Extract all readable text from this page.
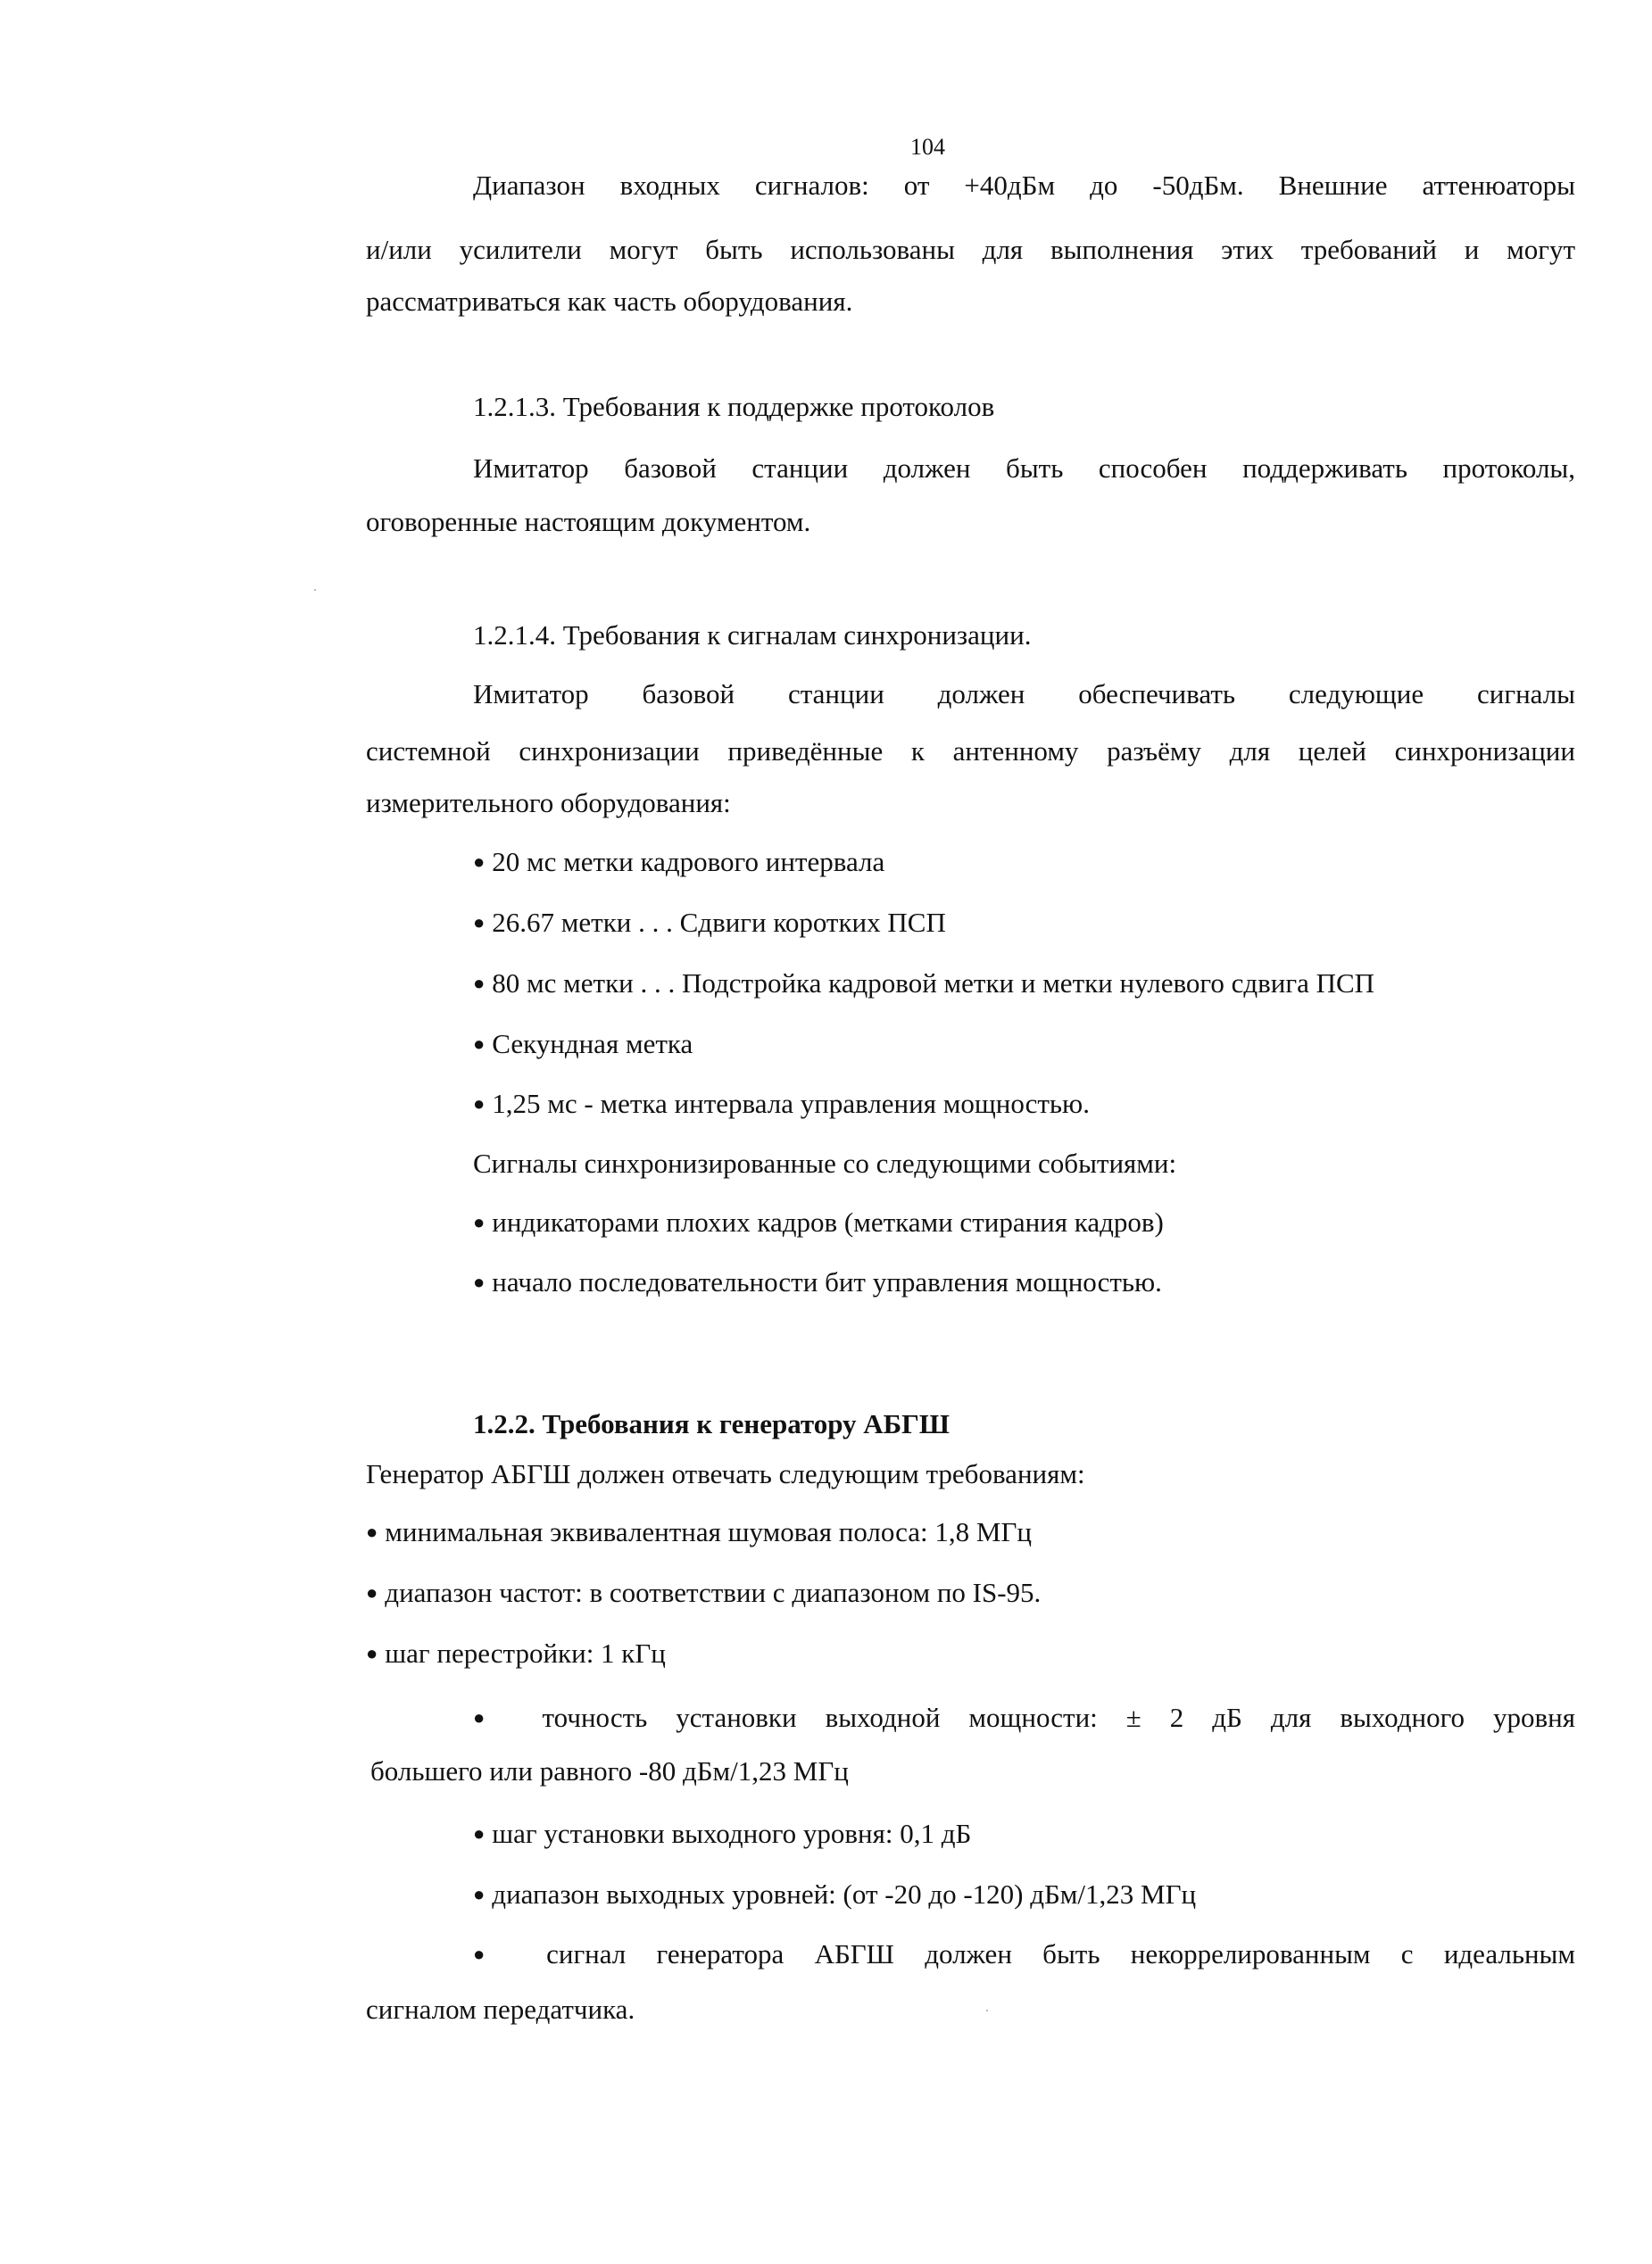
104
Диапазон входных сигналов: от +40дБм до -50дБм. Внешние аттенюаторы
и/или усилители могут быть использованы для выполнения этих требований и могут
рассматриваться как часть оборудования.
1.2.1.3. Требования к поддержке протоколов
Имитатор базовой станции должен быть способен поддерживать протоколы,
оговоренные настоящим документом.
1.2.1.4. Требования к сигналам синхронизации.
Имитатор базовой станции должен обеспечивать следующие сигналы
системной синхронизации приведённые к антенному разъёму для целей синхронизации
измерительного оборудования:
● 20 мс метки кадрового интервала
● 26.67 метки . . . Сдвиги коротких ПСП
● 80 мс метки . . . Подстройка кадровой метки и метки нулевого сдвига ПСП
● Секундная метка
● 1,25 мс - метка интервала управления мощностью.
Сигналы синхронизированные со следующими событиями:
● индикаторами плохих кадров (метками стирания кадров)
● начало последовательности бит управления мощностью.
1.2.2. Требования к генератору АБГШ
Генератор АБГШ должен отвечать следующим требованиям:
● минимальная эквивалентная шумовая полоса: 1,8 МГц
● диапазон частот: в соответствии с диапазоном по IS-95.
● шаг перестройки: 1 кГц
● точность установки выходной мощности: ± 2 дБ для выходного уровня
большего или равного -80 дБм/1,23 МГц
● шаг установки выходного уровня: 0,1 дБ
● диапазон выходных уровней: (от -20 до -120) дБм/1,23 МГц
● сигнал генератора АБГШ должен быть некоррелированным с идеальным
сигналом передатчика.
